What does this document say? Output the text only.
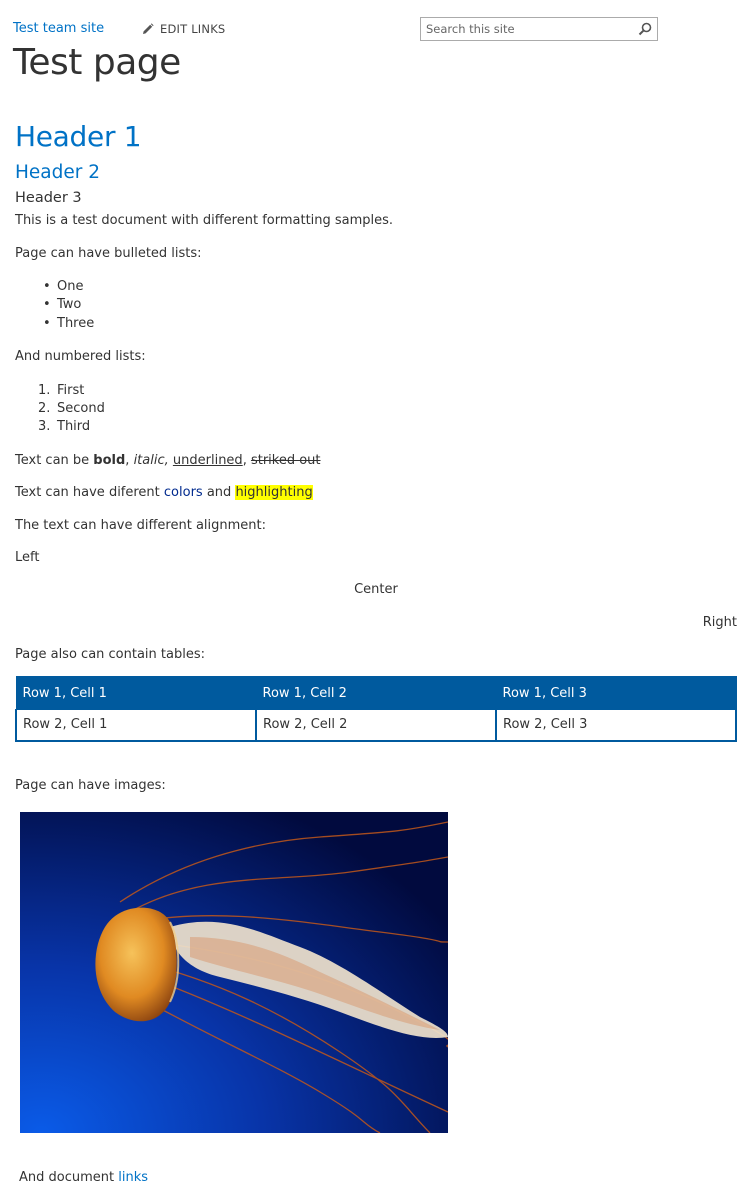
Test team site	EDIT LINKS
Search this site
Test page
Header 1
Header 2
Header 3

This is a test document with different formatting samples.

Page can have bulleted lists:

• One
• Two
• Three

And numbered lists:

1. First
2. Second
3. Third

Text can be bold, italic, underlined, striked out

Text can have diferent colors and highlighting

The text can have different alignment:

Left

Center

Right

Page also can contain tables:

Row 1, Cell 1	Row 1, Cell 2	Row 1, Cell 3
Row 2, Cell 1	Row 2, Cell 2	Row 2, Cell 3

Page can have images:

And document links
